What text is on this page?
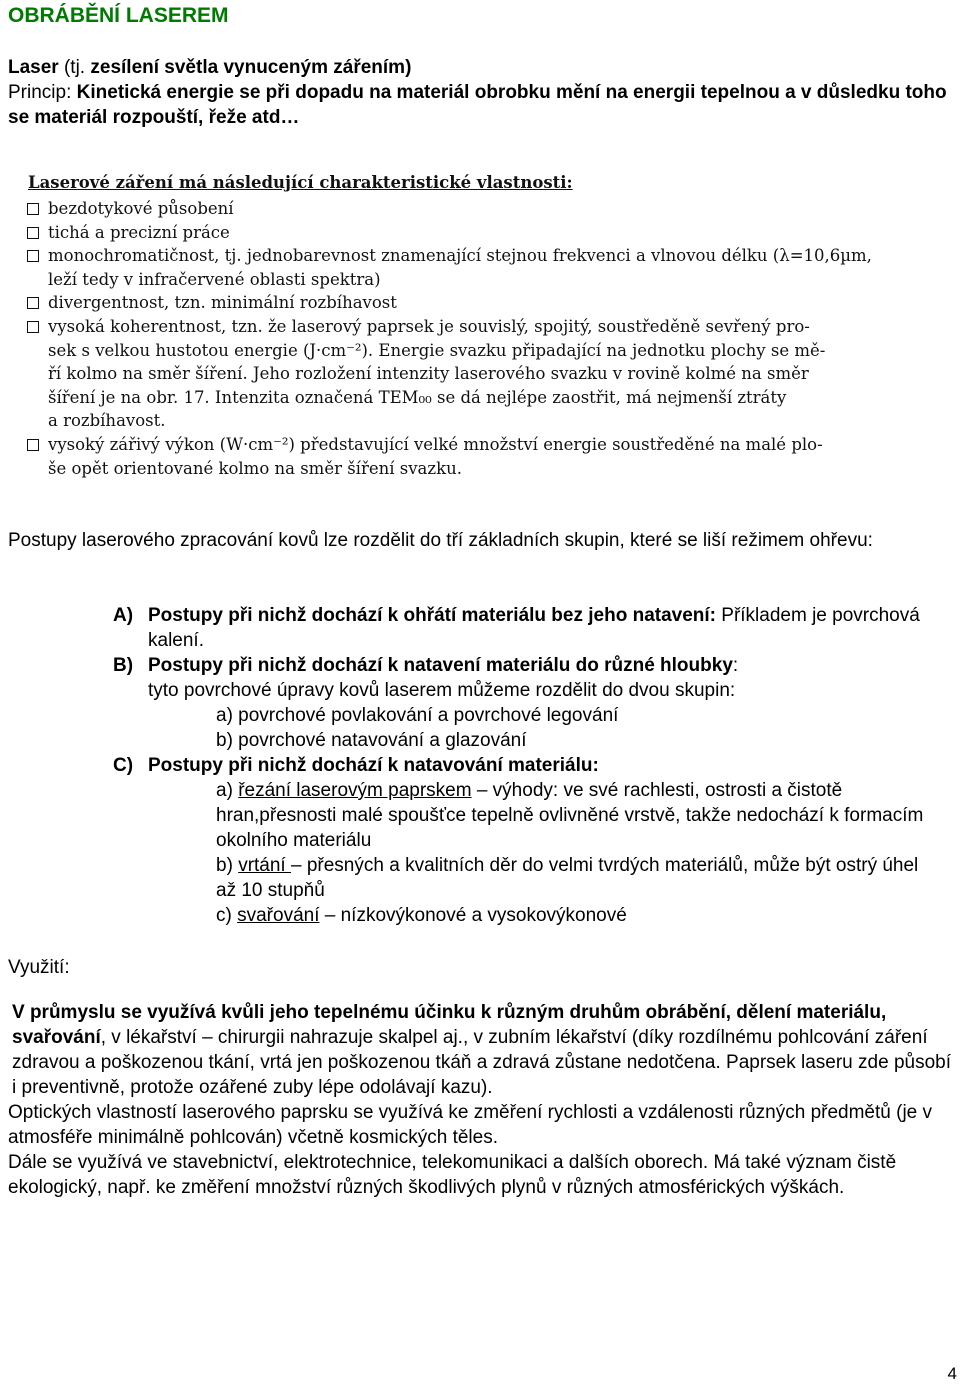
OBRÁBĚNÍ LASEREM
Laser (tj. zesílení světla vynuceným zářením)
Princip: Kinetická energie se při dopadu na materiál obrobku mění na energii tepelnou a v důsledku toho se materiál rozpouští, řeže atd…
Laserové záření má následující charakteristické vlastnosti:
bezdotykové působení
tichá a precizní práce
monochromatičnost, tj. jednobarevnost znamenající stejnou frekvenci a vlnovou délku (λ=10,6µm,
leží tedy v infračervené oblasti spektra)
divergentnost, tzn. minimální rozbíhavost
vysoká koherentnost, tzn. že laserový paprsek je souvislý, spojitý, soustředěně sevřený pro-
sek s velkou hustotou energie (J·cm⁻²). Energie svazku připadající na jednotku plochy se mě-
ří kolmo na směr šíření. Jeho rozložení intenzity laserového svazku v rovině kolmé na směr
šíření je na obr. 17. Intenzita označená TEM₀₀ se dá nejlépe zaostřit, má nejmenší ztráty
a rozbíhavost.
vysoký zářivý výkon (W·cm⁻²) představující velké množství energie soustředěné na malé plo-
še opět orientované kolmo na směr šíření svazku.
Postupy laserového zpracování kovů lze rozdělit do tří základních skupin, které se liší režimem ohřevu:
A) Postupy při nichž dochází k ohřátí materiálu bez jeho natavení: Příkladem je povrchová kalení.
B) Postupy při nichž dochází k natavení materiálu do různé hloubky:
tyto povrchové úpravy kovů laserem můžeme rozdělit do dvou skupin:
a) povrchové povlakování a povrchové legování
b) povrchové natavování a glazování
C) Postupy při nichž dochází k natavování materiálu:
a) řezání laserovým paprskem – výhody: ve své rachlesti, ostrosti a čistotě hran,přesnosti malé spoušťce tepelně ovlivněné vrstvě, takže nedochází k formacím okolního materiálu
b) vrtání – přesných a kvalitních děr do velmi tvrdých materiálů, může být ostrý úhel až 10 stupňů
c) svařování – nízkovýkonové a vysokovýkonové
Využití:
V průmyslu se využívá kvůli jeho tepelnému účinku k různým druhům obrábění, dělení materiálu, svařování, v lékařství – chirurgii nahrazuje skalpel aj., v zubním lékařství (díky rozdílnému pohlcování záření zdravou a poškozenou tkání, vrtá jen poškozenou tkáň a zdravá zůstane nedotčena. Paprsek laseru zde působí i preventivně, protože ozářené zuby lépe odolávají kazu).
Optických vlastností laserového paprsku se využívá ke změření rychlosti a vzdálenosti různých předmětů (je v atmosféře minimálně pohlcován) včetně kosmických těles.
Dále se využívá ve stavebnictví, elektrotechnice, telekomunikaci a dalších oborech. Má také význam čistě ekologický, např. ke změření množství různých škodlivých plynů v různých atmosférických výškách.
4
